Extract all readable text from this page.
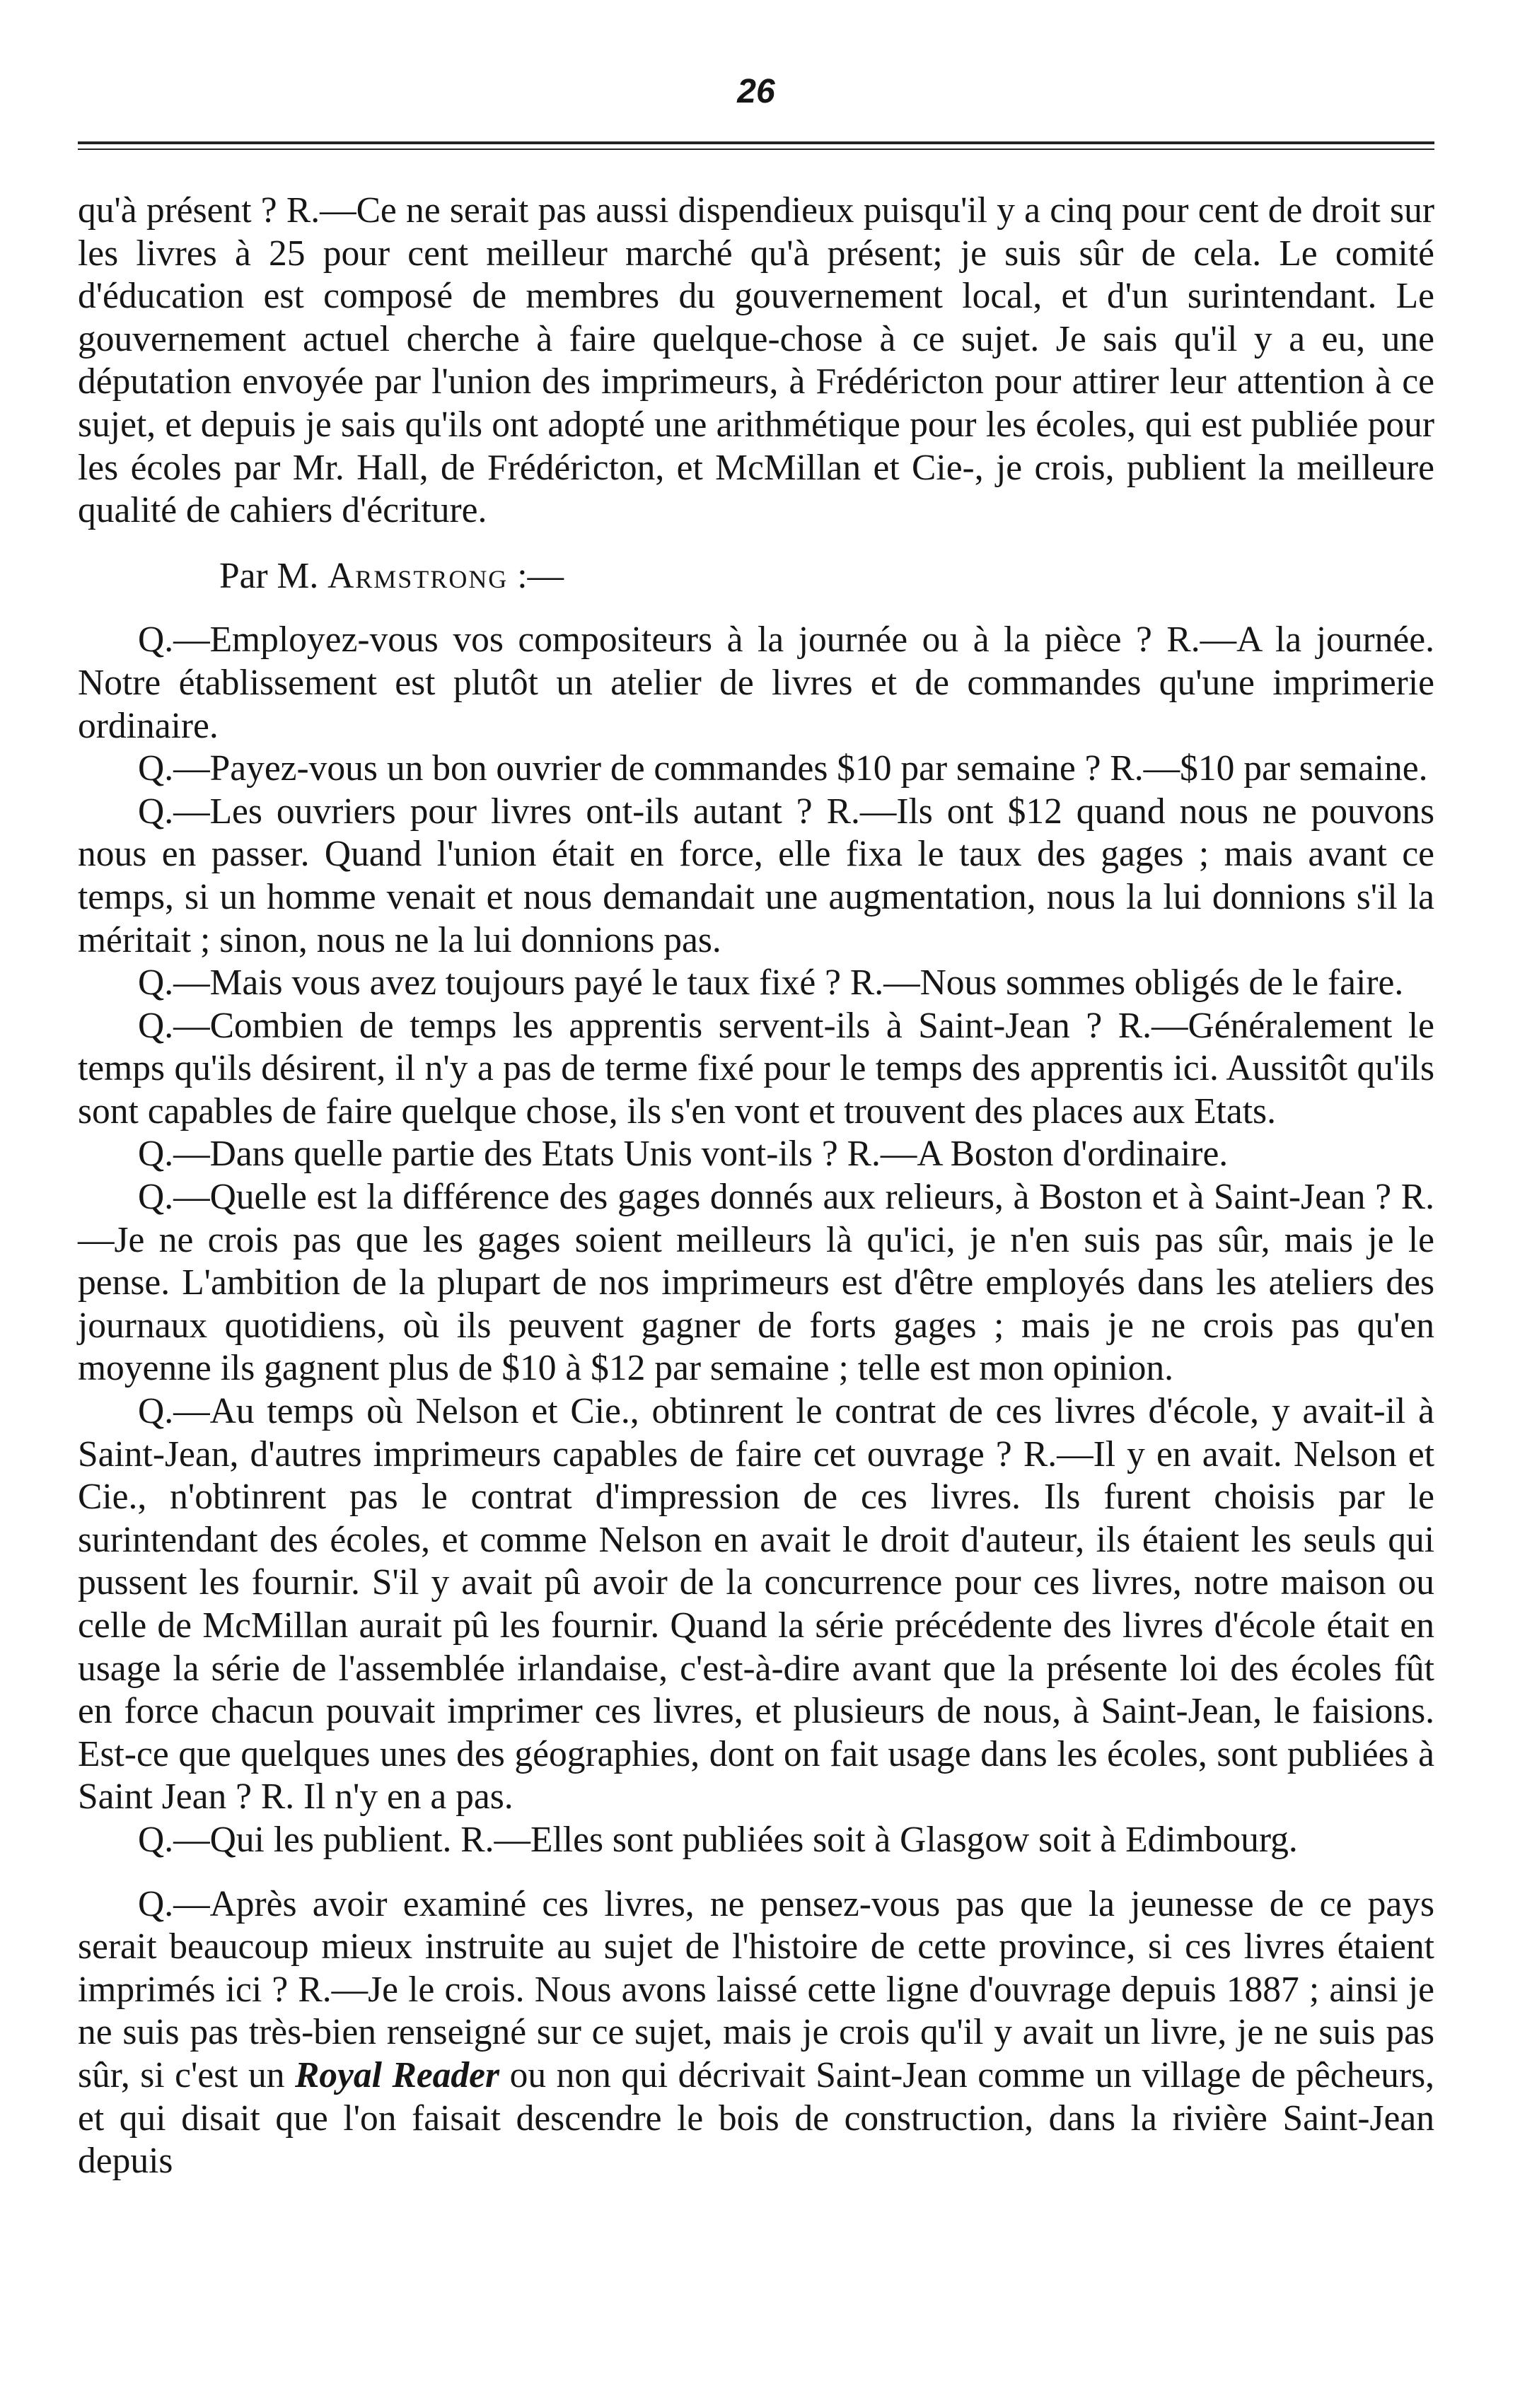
26

qu'à présent ? R.—Ce ne serait pas aussi dispendieux puisqu'il y a cinq pour cent de droit sur les livres à 25 pour cent meilleur marché qu'à présent; je suis sûr de cela. Le comité d'éducation est composé de membres du gouvernement local, et d'un surintendant. Le gouvernement actuel cherche à faire quelque-chose à ce sujet. Je sais qu'il y a eu, une députation envoyée par l'union des imprimeurs, à Frédéricton pour attirer leur attention à ce sujet, et depuis je sais qu'ils ont adopté une arithmétique pour les écoles, qui est publiée pour les écoles par Mr. Hall, de Frédéricton, et McMillan et Cie-, je crois, publient la meilleure qualité de cahiers d'écriture.

Par M. Armstrong :—

Q.—Employez-vous vos compositeurs à la journée ou à la pièce ? R.—A la journée. Notre établissement est plutôt un atelier de livres et de commandes qu'une imprimerie ordinaire.

Q.—Payez-vous un bon ouvrier de commandes $10 par semaine ? R.—$10 par semaine.

Q.—Les ouvriers pour livres ont-ils autant ? R.—Ils ont $12 quand nous ne pouvons nous en passer. Quand l'union était en force, elle fixa le taux des gages ; mais avant ce temps, si un homme venait et nous demandait une augmentation, nous la lui donnions s'il la méritait ; sinon, nous ne la lui donnions pas.

Q.—Mais vous avez toujours payé le taux fixé ? R.—Nous sommes obligés de le faire.

Q.—Combien de temps les apprentis servent-ils à Saint-Jean ? R.—Généralement le temps qu'ils désirent, il n'y a pas de terme fixé pour le temps des apprentis ici. Aussitôt qu'ils sont capables de faire quelque chose, ils s'en vont et trouvent des places aux Etats.

Q.—Dans quelle partie des Etats Unis vont-ils ? R.—A Boston d'ordinaire.

Q.—Quelle est la différence des gages donnés aux relieurs, à Boston et à Saint-Jean ? R.—Je ne crois pas que les gages soient meilleurs là qu'ici, je n'en suis pas sûr, mais je le pense. L'ambition de la plupart de nos imprimeurs est d'être employés dans les ateliers des journaux quotidiens, où ils peuvent gagner de forts gages ; mais je ne crois pas qu'en moyenne ils gagnent plus de $10 à $12 par semaine ; telle est mon opinion.

Q.—Au temps où Nelson et Cie., obtinrent le contrat de ces livres d'école, y avait-il à Saint-Jean, d'autres imprimeurs capables de faire cet ouvrage ? R.—Il y en avait. Nelson et Cie., n'obtinrent pas le contrat d'impression de ces livres. Ils furent choisis par le surintendant des écoles, et comme Nelson en avait le droit d'auteur, ils étaient les seuls qui pussent les fournir. S'il y avait pû avoir de la concurrence pour ces livres, notre maison ou celle de McMillan aurait pû les fournir. Quand la série précédente des livres d'école était en usage la série de l'assemblée irlandaise, c'est-à-dire avant que la présente loi des écoles fût en force chacun pouvait imprimer ces livres, et plusieurs de nous, à Saint-Jean, le faisions. Est-ce que quelques unes des géographies, dont on fait usage dans les écoles, sont publiées à Saint Jean ? R. Il n'y en a pas.

Q.—Qui les publient. R.—Elles sont publiées soit à Glasgow soit à Edimbourg.

Q.—Après avoir examiné ces livres, ne pensez-vous pas que la jeunesse de ce pays serait beaucoup mieux instruite au sujet de l'histoire de cette province, si ces livres étaient imprimés ici ? R.—Je le crois. Nous avons laissé cette ligne d'ouvrage depuis 1887 ; ainsi je ne suis pas très-bien renseigné sur ce sujet, mais je crois qu'il y avait un livre, je ne suis pas sûr, si c'est un Royal Reader ou non qui décrivait Saint-Jean comme un village de pêcheurs, et qui disait que l'on faisait descendre le bois de construction, dans la rivière Saint-Jean depuis
